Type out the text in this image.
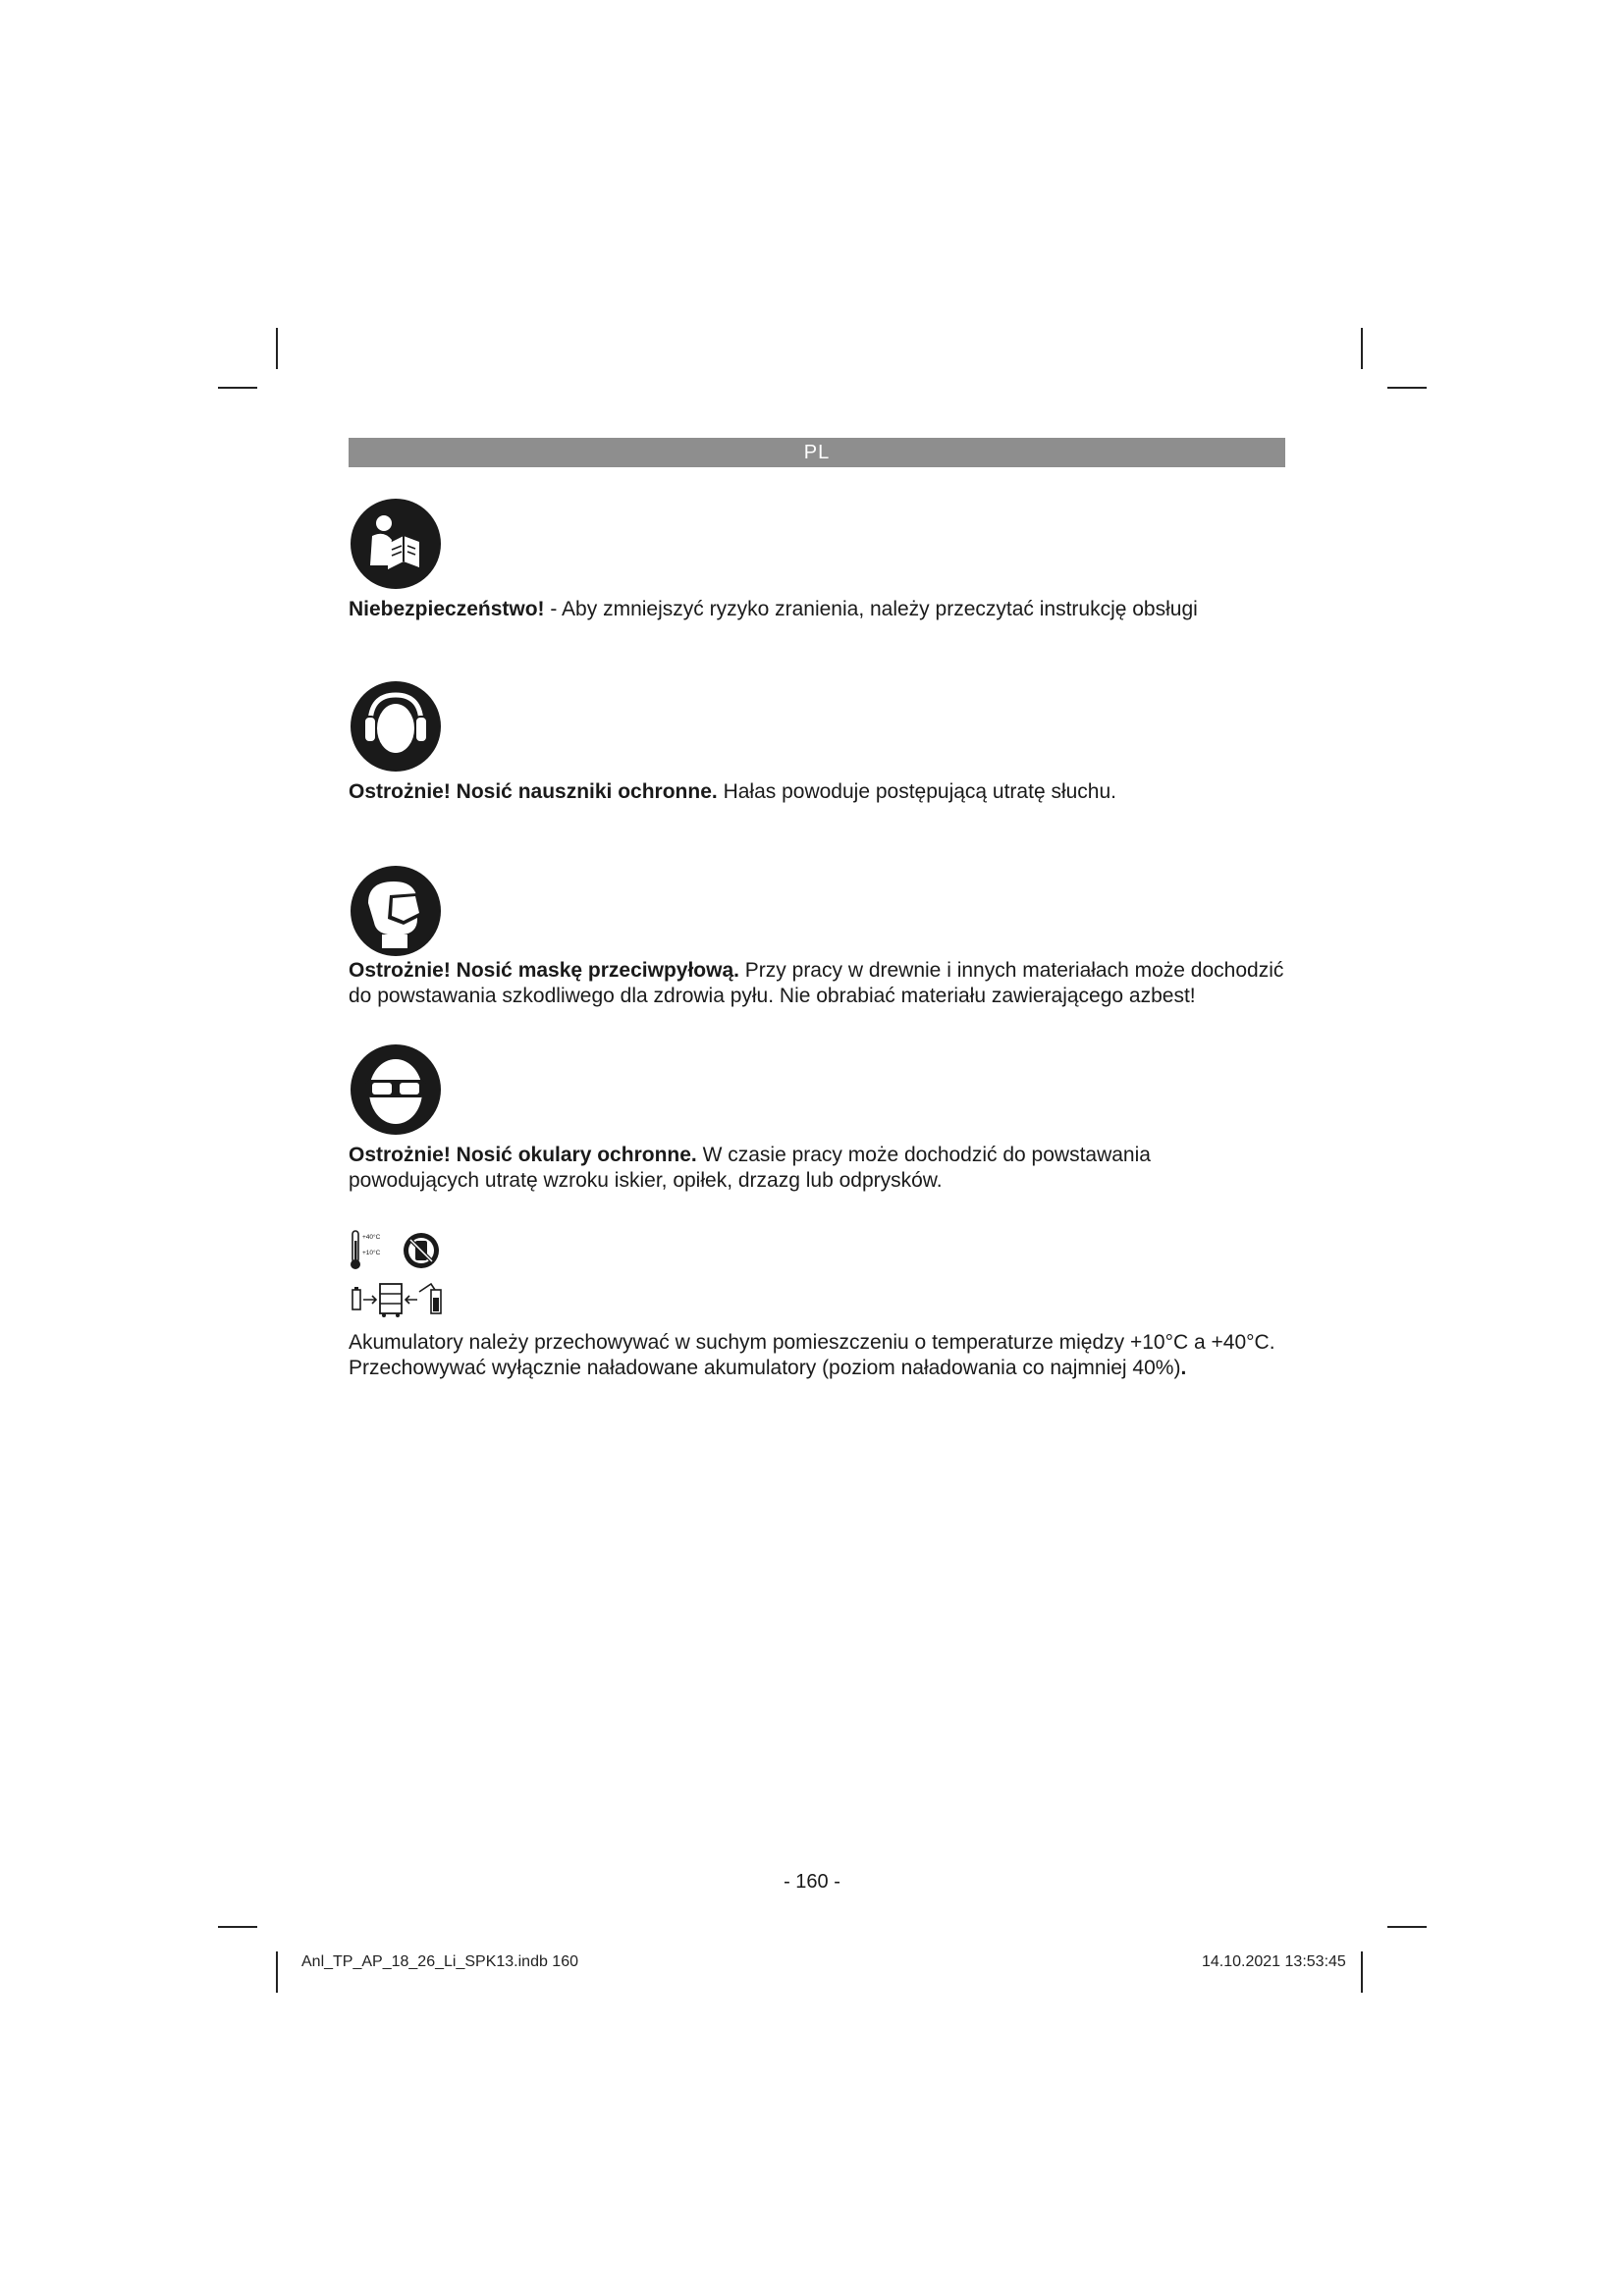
PL
Niebezpieczeństwo! - Aby zmniejszyć ryzyko zranienia, należy przeczytać instrukcję obsługi
Ostrożnie! Nosić nauszniki ochronne. Hałas powoduje postępującą utratę słuchu.
Ostrożnie! Nosić maskę przeciwpyłową. Przy pracy w drewnie i innych materiałach może dochodzić do powstawania szkodliwego dla zdrowia pyłu. Nie obrabiać materiału zawierającego azbest!
Ostrożnie! Nosić okulary ochronne. W czasie pracy może dochodzić do powstawania powodujących utratę wzroku iskier, opiłek, drzazg lub odprysków.
+40°C
+10°C
Akumulatory należy przechowywać w suchym pomieszczeniu o temperaturze między +10°C a +40°C.
Przechowywać wyłącznie naładowane akumulatory (poziom naładowania co najmniej 40%).
- 160 -
Anl_TP_AP_18_26_Li_SPK13.indb 160	14.10.2021 13:53:45
